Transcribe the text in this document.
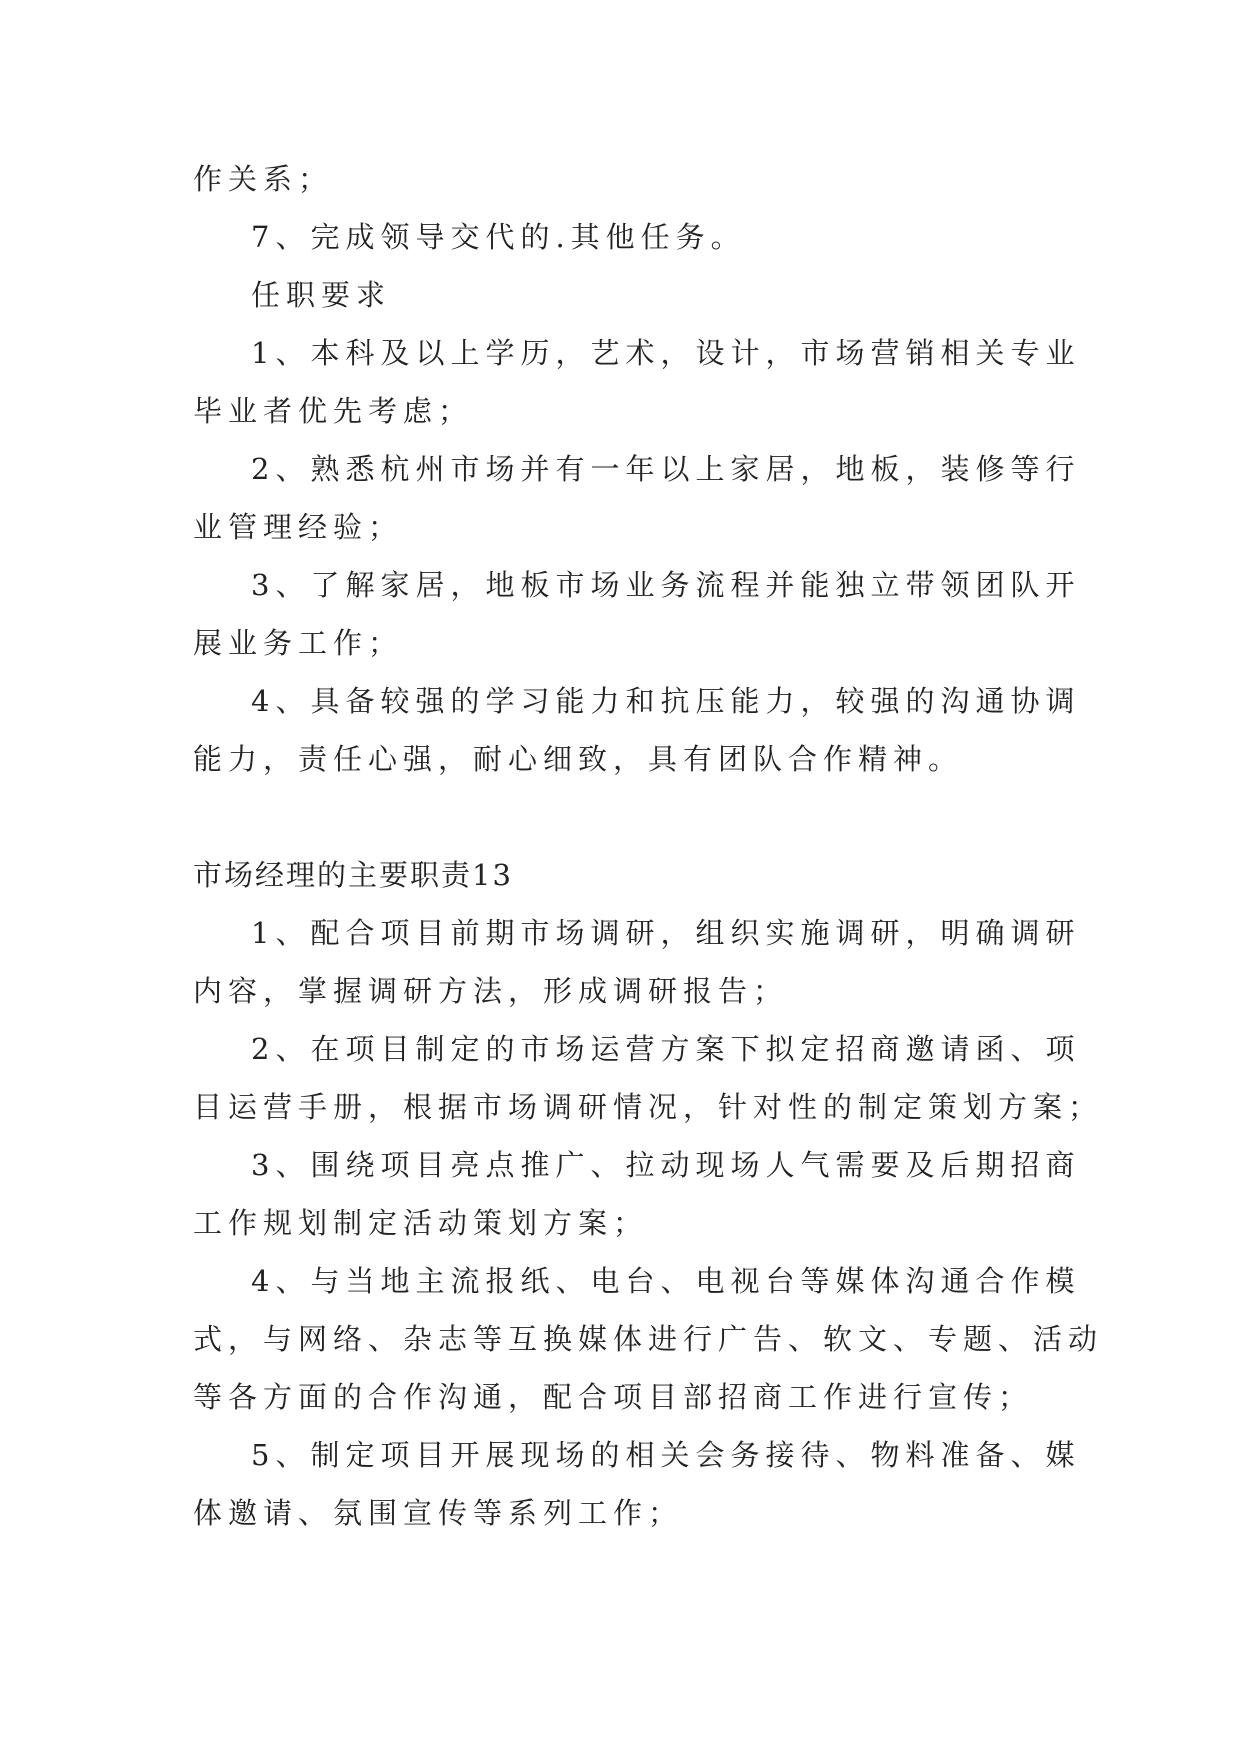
作关系；

7、完成领导交代的.其他任务。

任职要求

1、本科及以上学历，艺术，设计，市场营销相关专业

毕业者优先考虑；

2、熟悉杭州市场并有一年以上家居，地板，装修等行

业管理经验；

3、了解家居，地板市场业务流程并能独立带领团队开

展业务工作；

4、具备较强的学习能力和抗压能力，较强的沟通协调

能力，责任心强，耐心细致，具有团队合作精神。

市场经理的主要职责13

1、配合项目前期市场调研，组织实施调研，明确调研

内容，掌握调研方法，形成调研报告；

2、在项目制定的市场运营方案下拟定招商邀请函、项

目运营手册，根据市场调研情况，针对性的制定策划方案；

3、围绕项目亮点推广、拉动现场人气需要及后期招商

工作规划制定活动策划方案；

4、与当地主流报纸、电台、电视台等媒体沟通合作模

式，与网络、杂志等互换媒体进行广告、软文、专题、活动

等各方面的合作沟通，配合项目部招商工作进行宣传；

5、制定项目开展现场的相关会务接待、物料准备、媒

体邀请、氛围宣传等系列工作；
